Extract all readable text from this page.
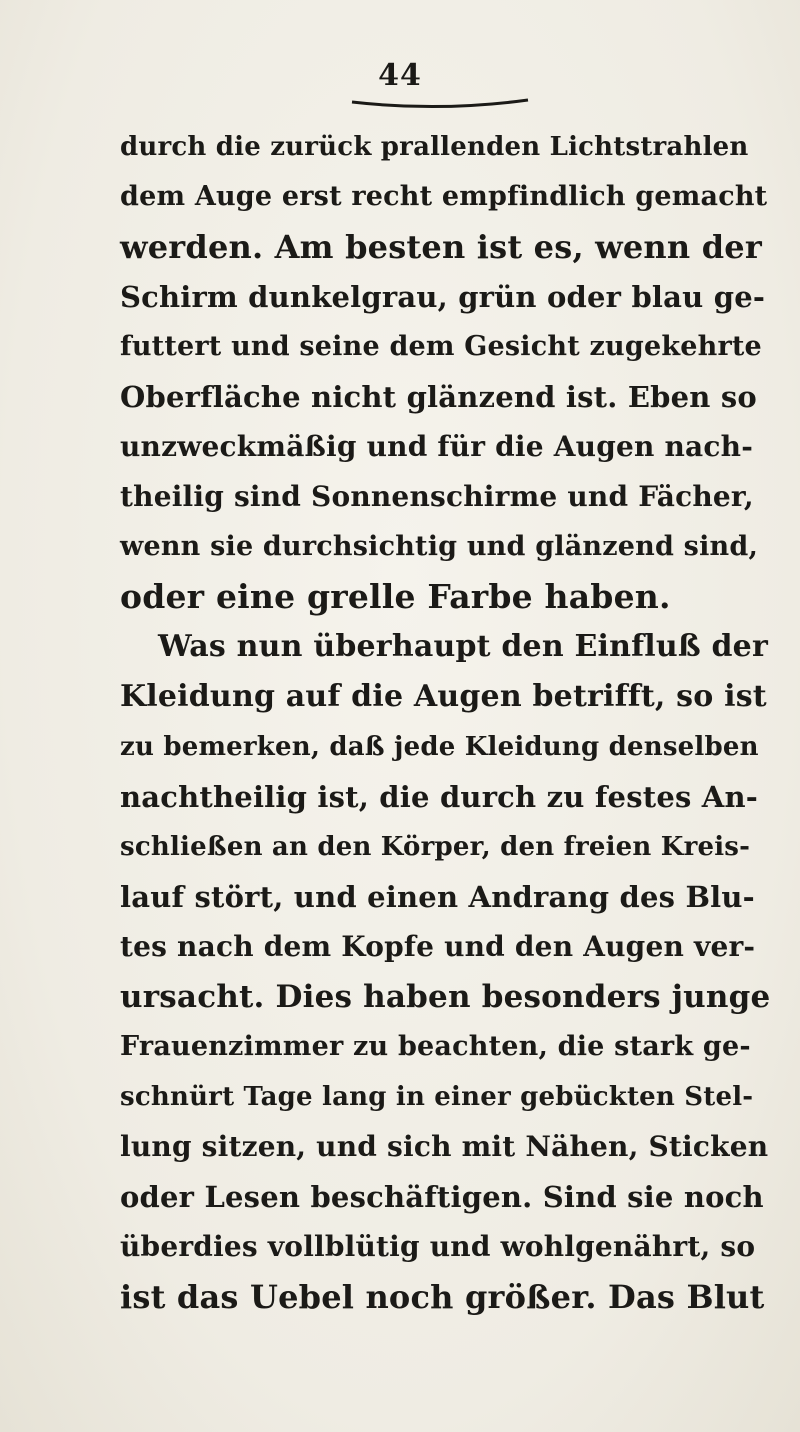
44
durch die zurück prallenden Lichtstrahlen
dem Auge erst recht empfindlich gemacht
werden. Am besten ist es, wenn der
Schirm dunkelgrau, grün oder blau ge-
futtert und seine dem Gesicht zugekehrte
Oberfläche nicht glänzend ist. Eben so
unzweckmäßig und für die Augen nach-
theilig sind Sonnenschirme und Fächer,
wenn sie durchsichtig und glänzend sind,
oder eine grelle Farbe haben.
Was nun überhaupt den Einfluß der
Kleidung auf die Augen betrifft, so ist
zu bemerken, daß jede Kleidung denselben
nachtheilig ist, die durch zu festes An-
schließen an den Körper, den freien Kreis-
lauf stört, und einen Andrang des Blu-
tes nach dem Kopfe und den Augen ver-
ursacht. Dies haben besonders junge
Frauenzimmer zu beachten, die stark ge-
schnürt Tage lang in einer gebückten Stel-
lung sitzen, und sich mit Nähen, Sticken
oder Lesen beschäftigen. Sind sie noch
überdies vollblütig und wohlgenährt, so
ist das Uebel noch größer. Das Blut
